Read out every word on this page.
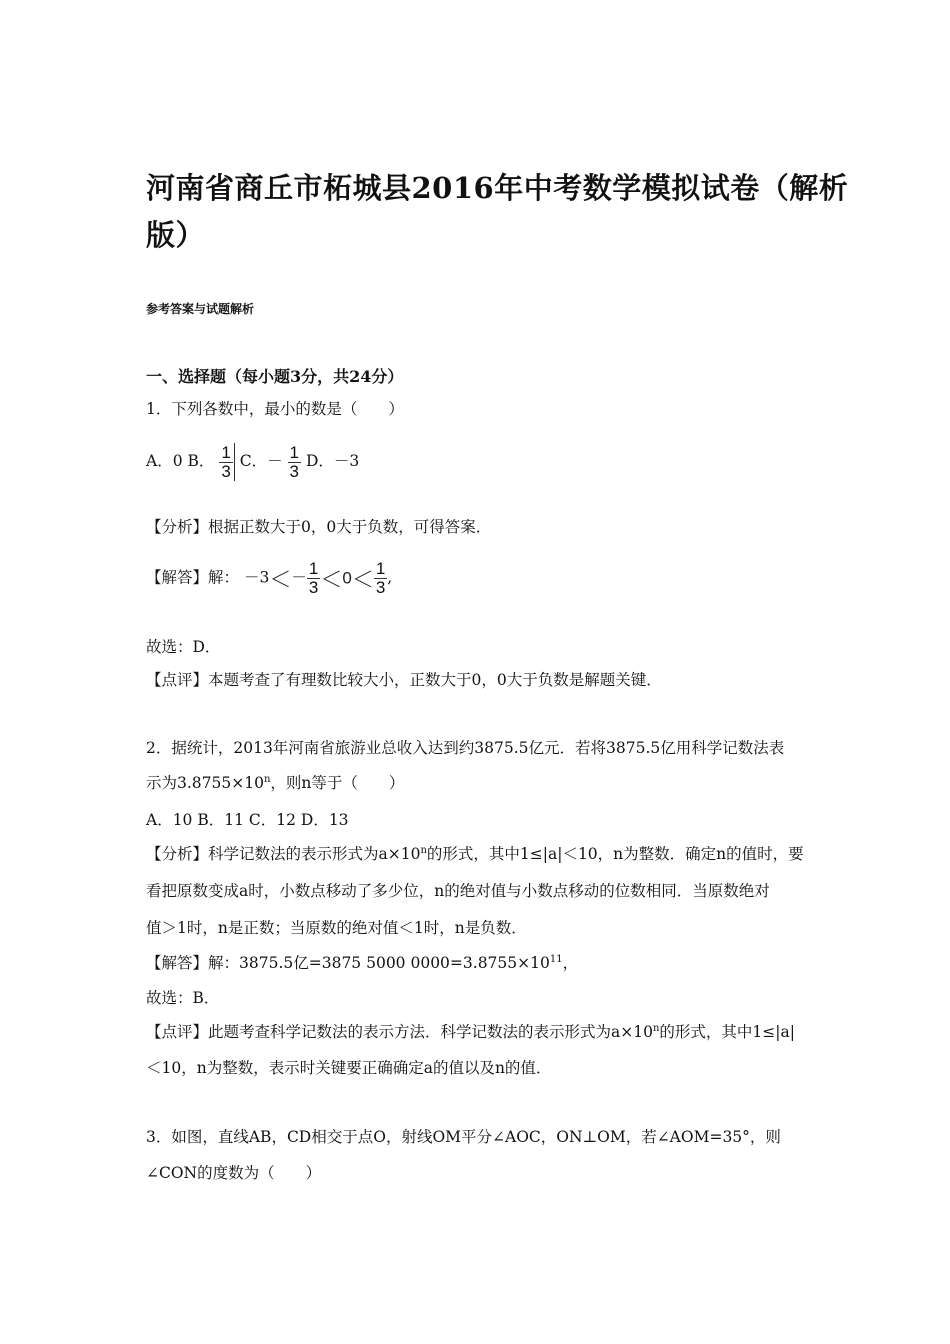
河南省商丘市柘城县2016年中考数学模拟试卷（解析
版）
参考答案与试题解析
一、选择题（每小题3分，共24分）
1．下列各数中，最小的数是（　　）
A．0 B． $\frac{1}{3}$ C．－ $\frac{1}{3}$ D．－3
【分析】根据正数大于0，0大于负数，可得答案．
【解答】解： $-3<- \frac{1}{3} <0< \frac{1}{3}$ ,
故选：D．
【点评】本题考查了有理数比较大小，正数大于0，0大于负数是解题关键．
2．据统计，2013年河南省旅游业总收入达到约3875.5亿元．若将3875.5亿用科学记数法表
示为$3.8755\times 10^n$，则n等于（　　）
A．10 B．11 C．12 D．13
【分析】科学记数法的表示形式为$a\times 10^n$的形式，其中1≤|a|＜10，n为整数．确定n的值时，要
看把原数变成a时，小数点移动了多少位，n的绝对值与小数点移动的位数相同．当原数绝对
值＞1时，n是正数；当原数的绝对值＜1时，n是负数．
【解答】解：3875.5亿=3875 5000 $0000=3.8755\times 10^{11}$，
故选：B．
【点评】此题考查科学记数法的表示方法．科学记数法的表示形式为$a\times 10^n$的形式，其中1≤|a|
＜10，n为整数，表示时关键要正确确定a的值以及n的值．
3．如图，直线AB，CD相交于点O，射线OM平分∠AOC，ON⊥OM，若∠AOM=35°，则
∠CON的度数为（　　）
